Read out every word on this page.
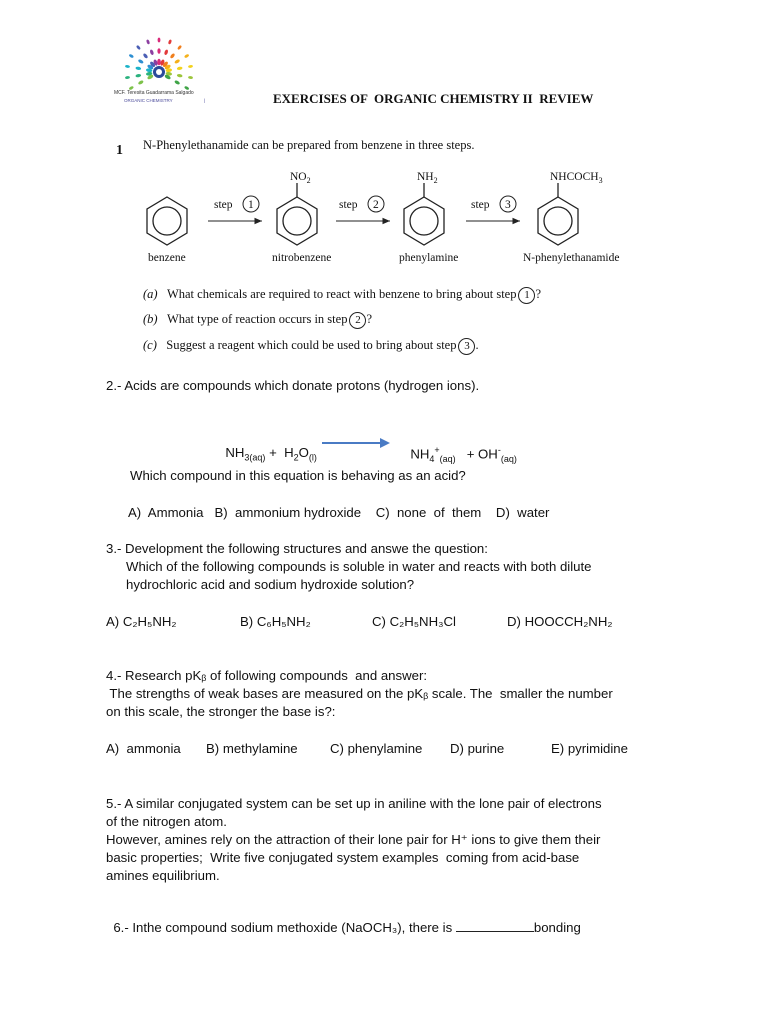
MCF. Teresita Guadarrama Salgado
ORGANIC CHEMISTRY	|	EXERCISES OF  ORGANIC CHEMISTRY II  REVIEW
1 N-Phenylethanamide can be prepared from benzene in three steps.
step 1	step 2	step 3
$NO_2$	$NH_2$	$NHCOCH_3$
benzene	nitrobenzene	phenylamine	N-phenylethanamide
(a) What chemicals are required to react with benzene to bring about step 1 ?
(b) What type of reaction occurs in step 2 ?
(c) Suggest a reagent which could be used to bring about step 3 .
2.- Acids are compounds which donate protons (hydrogen ions).

$NH_{3(aq)} + H_2O_{(l)}$	$NH_4^+_{(aq)} + OH^-_{(aq)}$

Which compound in this equation is behaving as an acid?
A)  Ammonia   B)  ammonium hydroxide    C)  none  of  them    D)  water
3.- Development the following structures and answe the question:
Which of the following compounds is soluble in water and reacts with both dilute
hydrochloric acid and sodium hydroxide solution?
A) C₂H₅NH₂	B) C₆H₅NH₂	C) C₂H₅NH₃Cl	D) HOOCCH₂NH₂
4.- Research pKᵦ of following compounds  and answer:
The strengths of weak bases are measured on the pKᵦ scale. The  smaller the number
on this scale, the stronger the base is?:
A)  ammonia B) methylamine C) phenylamine D) purine	E) pyrimidine
5.- A similar conjugated system can be set up in aniline with the lone pair of electrons
of the nitrogen atom.
However, amines rely on the attraction of their lone pair for H⁺ ions to give them their
basic properties;  Write five conjugated system examples  coming from acid-base
amines equilibrium.

6.- Inthe compound sodium methoxide (NaOCH₃), there is	bonding
